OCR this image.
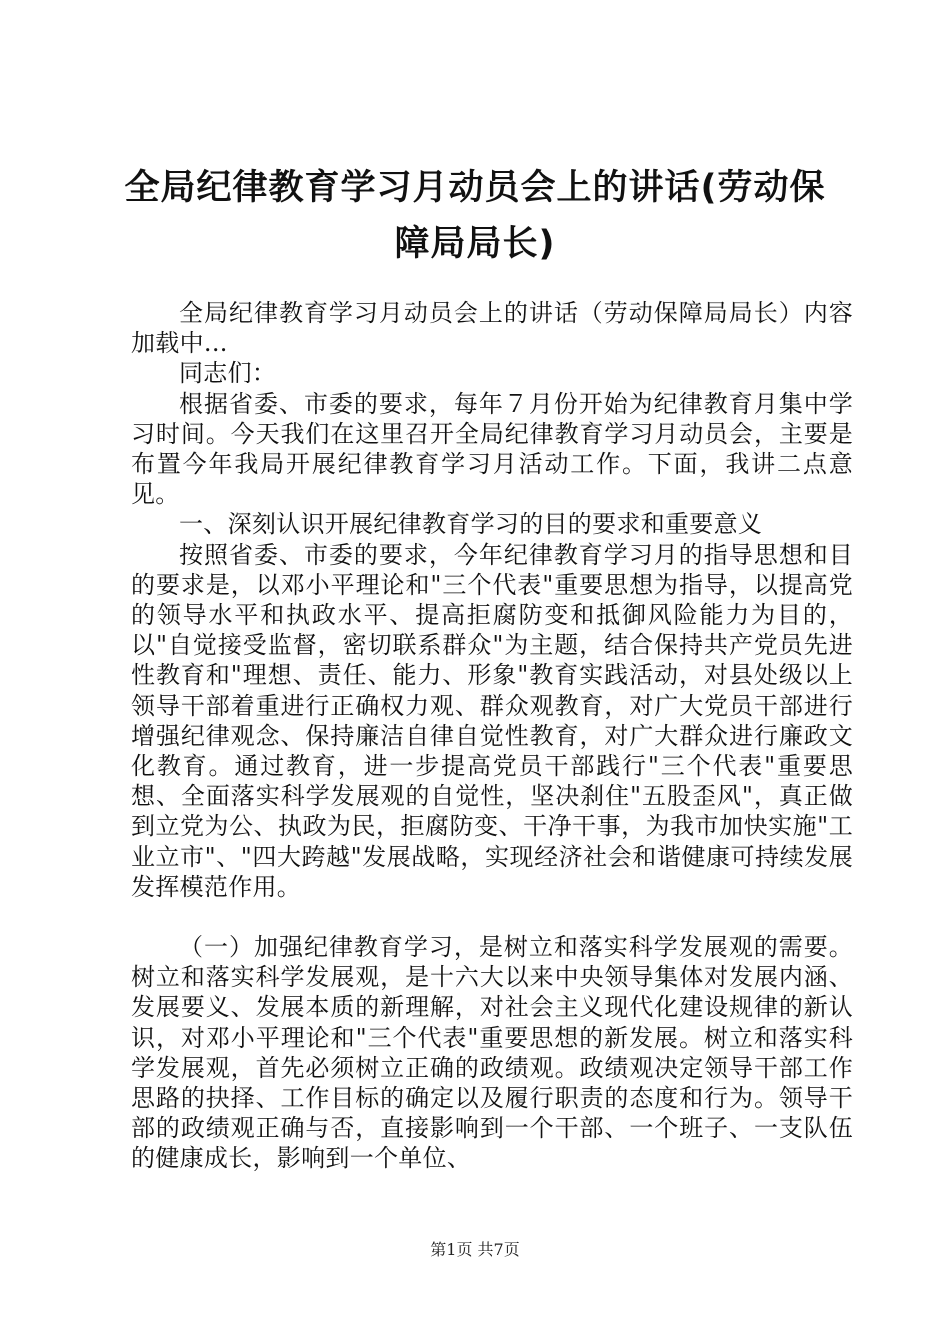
全局纪律教育学习月动员会上的讲话(劳动保障局局长)

全局纪律教育学习月动员会上的讲话（劳动保障局局长）内容加载中...

同志们：

根据省委、市委的要求，每年７月份开始为纪律教育月集中学习时间。今天我们在这里召开全局纪律教育学习月动员会，主要是布置今年我局开展纪律教育学习月活动工作。下面，我讲二点意见。

一、深刻认识开展纪律教育学习的目的要求和重要意义

按照省委、市委的要求，今年纪律教育学习月的指导思想和目的要求是，以邓小平理论和"三个代表"重要思想为指导，以提高党的领导水平和执政水平、提高拒腐防变和抵御风险能力为目的，以"自觉接受监督，密切联系群众"为主题，结合保持共产党员先进性教育和"理想、责任、能力、形象"教育实践活动，对县处级以上领导干部着重进行正确权力观、群众观教育，对广大党员干部进行增强纪律观念、保持廉洁自律自觉性教育，对广大群众进行廉政文化教育。通过教育，进一步提高党员干部践行"三个代表"重要思想、全面落实科学发展观的自觉性，坚决刹住"五股歪风"，真正做到立党为公、执政为民，拒腐防变、干净干事，为我市加快实施"工业立市"、"四大跨越"发展战略，实现经济社会和谐健康可持续发展发挥模范作用。

（一）加强纪律教育学习，是树立和落实科学发展观的需要。树立和落实科学发展观，是十六大以来中央领导集体对发展内涵、发展要义、发展本质的新理解，对社会主义现代化建设规律的新认识，对邓小平理论和"三个代表"重要思想的新发展。树立和落实科学发展观，首先必须树立正确的政绩观。政绩观决定领导干部工作思路的抉择、工作目标的确定以及履行职责的态度和行为。领导干部的政绩观正确与否，直接影响到一个干部、一个班子、一支队伍的健康成长，影响到一个单位、

第1页 共7页
